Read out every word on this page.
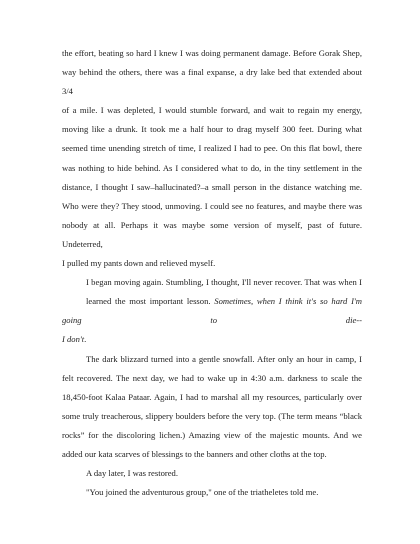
the effort, beating so hard I knew I was doing permanent damage. Before Gorak Shep,
way behind the others, there was a final expanse, a dry lake bed that extended about 3/4
of a mile. I was depleted, I would stumble forward, and wait to regain my energy,
moving like a drunk. It took me a half hour to drag myself 300 feet. During what
seemed time unending stretch of time, I realized I had to pee. On this flat bowl, there
was nothing to hide behind. As I considered what to do, in the tiny settlement in the
distance, I thought I saw–hallucinated?–a small person in the distance watching me.
Who were they? They stood, unmoving. I could see no features, and maybe there was
nobody at all. Perhaps it was maybe some version of myself, past of future. Undeterred,
I pulled my pants down and relieved myself.

I began moving again. Stumbling, I thought, I'll never recover. That was when I
learned the most important lesson. Sometimes, when I think it's so hard I'm going to die--
I don't.

The dark blizzard turned into a gentle snowfall. After only an hour in camp, I
felt recovered. The next day, we had to wake up in 4:30 a.m. darkness to scale the
18,450-foot Kalaa Pataar. Again, I had to marshal all my resources, particularly over
some truly treacherous, slippery boulders before the very top. (The term means “black
rocks” for the discoloring lichen.) Amazing view of the majestic mounts. And we
added our kata scarves of blessings to the banners and other cloths at the top.

A day later, I was restored.

"You joined the adventurous group," one of the triatheletes told me.
